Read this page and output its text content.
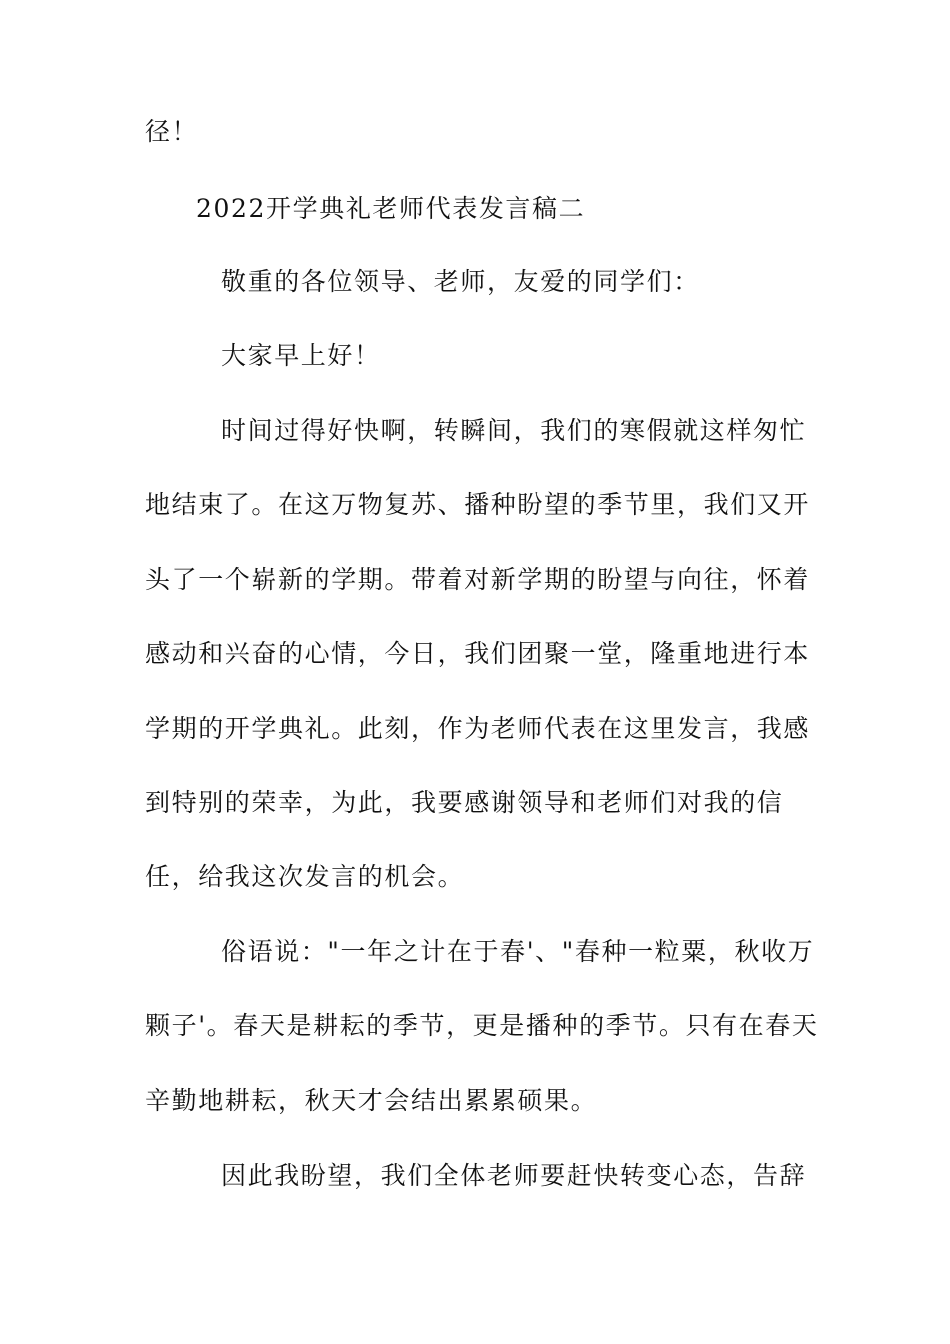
径！

2022开学典礼老师代表发言稿二

敬重的各位领导、老师，友爱的同学们：

大家早上好！

时间过得好快啊，转瞬间，我们的寒假就这样匆忙

地结束了。在这万物复苏、播种盼望的季节里，我们又开

头了一个崭新的学期。带着对新学期的盼望与向往，怀着

感动和兴奋的心情，今日，我们团聚一堂，隆重地进行本

学期的开学典礼。此刻，作为老师代表在这里发言，我感

到特别的荣幸，为此，我要感谢领导和老师们对我的信

任，给我这次发言的机会。

俗语说："一年之计在于春'、"春种一粒粟，秋收万

颗子'。春天是耕耘的季节，更是播种的季节。只有在春天

辛勤地耕耘，秋天才会结出累累硕果。

因此我盼望，我们全体老师要赶快转变心态，告辞
